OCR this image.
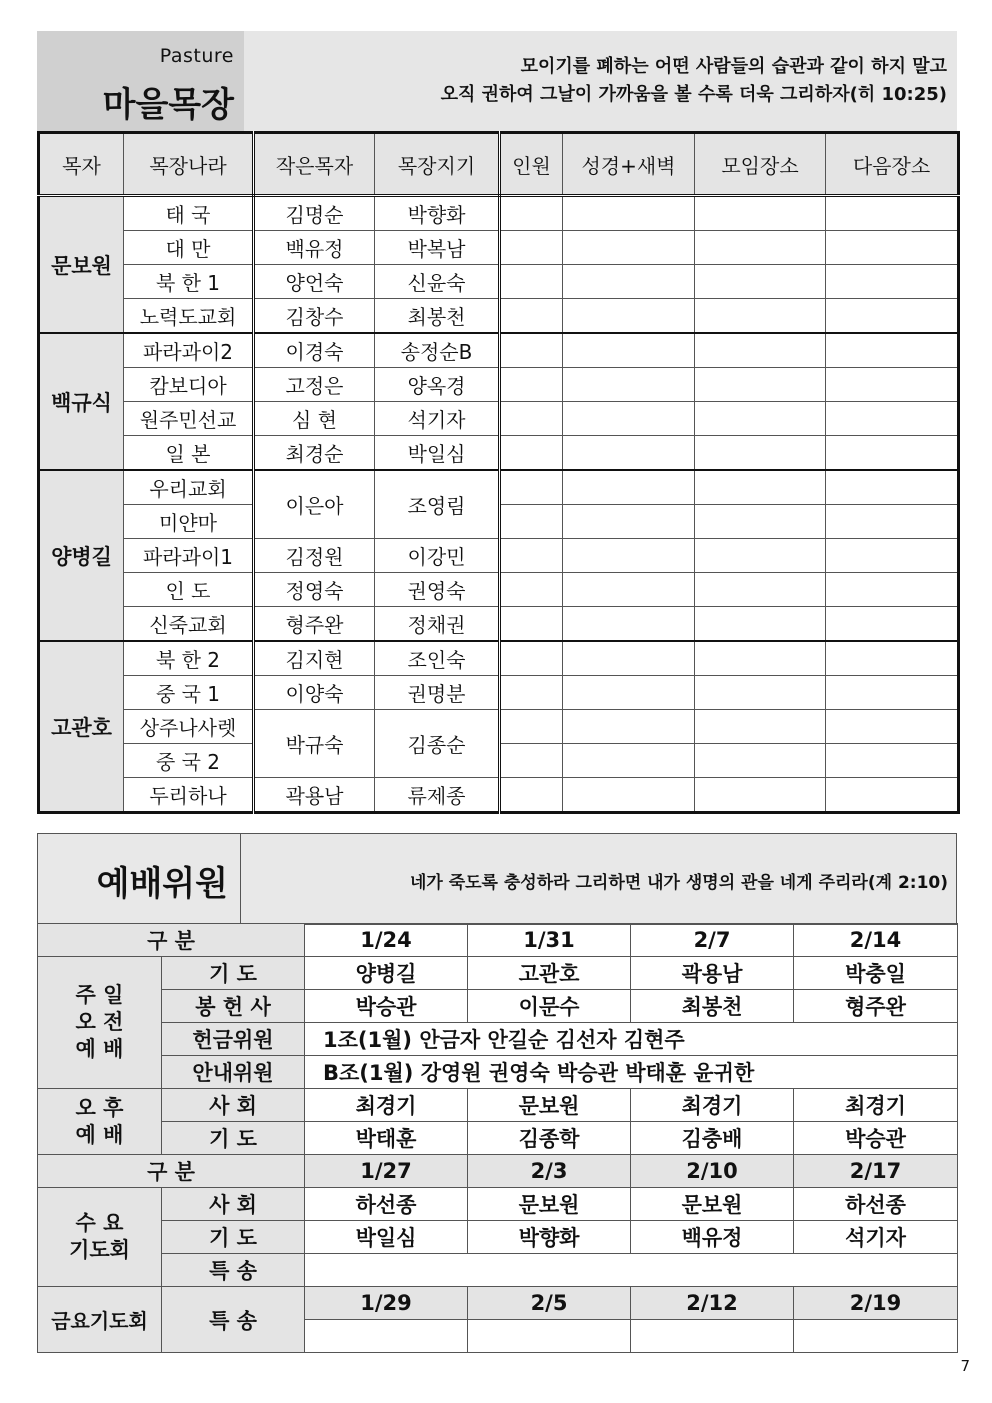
Pasture
마을목장
모이기를 폐하는 어떤 사람들의 습관과 같이 하지 말고
오직 권하여 그날이 가까움을 볼 수록 더욱 그리하자(히 10:25)
목자	목장나라	작은목자	목장지기	인원	성경+새벽	모임장소	다음장소
문보원	태 국	김명순	박향화				
	대 만	백유정	박복남				
	북 한 1	양언숙	신윤숙				
	노력도교회	김창수	최봉천				
백규식	파라과이2	이경숙	송정순B				
	캄보디아	고정은	양옥경				
	원주민선교	심 현	석기자				
	일 본	최경순	박일심				
양병길	우리교회	이은아	조영림				
	미얀마						
	파라과이1	김정원	이강민				
	인 도	정영숙	권영숙				
	신죽교회	형주완	정채권				
고관호	북 한 2	김지현	조인숙				
	중 국 1	이양숙	권명분				
	상주나사렛	박규숙	김종순				
	중 국 2						
	두리하나	곽용남	류제종				
예배위원	네가 죽도록 충성하라 그리하면 내가 생명의 관을 네게 주리라(계 2:10)
구 분		1/24	1/31	2/7	2/14

주 일
오 전
예 배	기 도	양병길	고관호	곽용남	박충일
	봉 헌 사	박승관	이문수	최봉천	형주완
	헌금위원	1조(1월) 안금자 안길순 김선자 김현주			
	안내위원	B조(1월) 강영원 권영숙 박승관 박태훈 윤귀한			

오 후
예 배	사 회	최경기	문보원	최경기	최경기
	기 도	박태훈	김종학	김충배	박승관
구 분		1/27	2/3	2/10	2/17

수 요
기도회	사 회	하선종	문보원	문보원	하선종
	기 도	박일심	박향화	백유정	석기자
	특 송				
금요기도회	특 송	1/29	2/5	2/12	2/19

7
